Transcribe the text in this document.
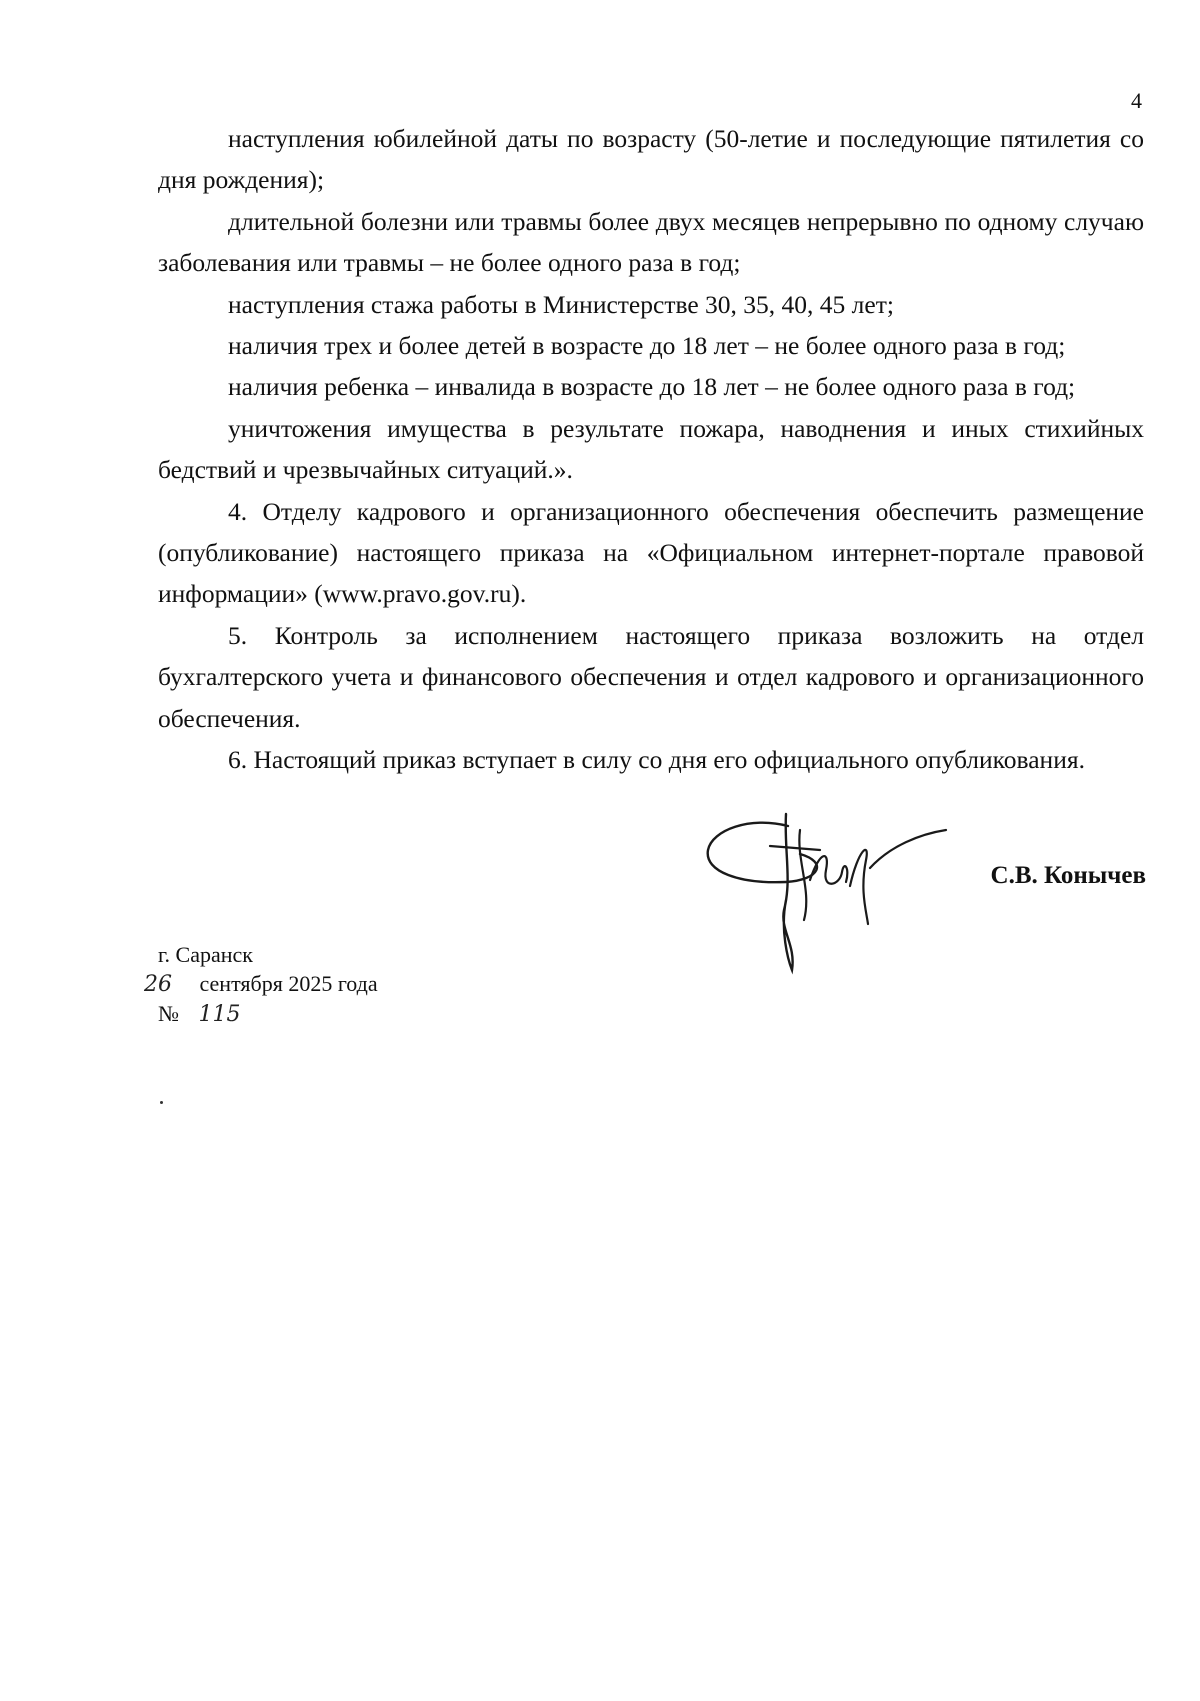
4

наступления юбилейной даты по возрасту (50-летие и последующие пятилетия со дня рождения);

длительной болезни или травмы более двух месяцев непрерывно по одному случаю заболевания или травмы – не более одного раза в год;

наступления стажа работы в Министерстве 30, 35, 40, 45 лет;

наличия трех и более детей в возрасте до 18 лет – не более одного раза в год;

наличия ребенка – инвалида в возрасте до 18 лет – не более одного раза в год;

уничтожения имущества в результате пожара, наводнения и иных стихийных бедствий и чрезвычайных ситуаций.».

4. Отделу кадрового и организационного обеспечения обеспечить размещение (опубликование) настоящего приказа на «Официальном интернет-портале правовой информации» (www.pravo.gov.ru).

5. Контроль за исполнением настоящего приказа возложить на отдел бухгалтерского учета и финансового обеспечения и отдел кадрового и организационного обеспечения.

6. Настоящий приказ вступает в силу со дня его официального опубликования.

С.В. Конычев
г. Саранск
26 сентября 2025 года
№ 115
